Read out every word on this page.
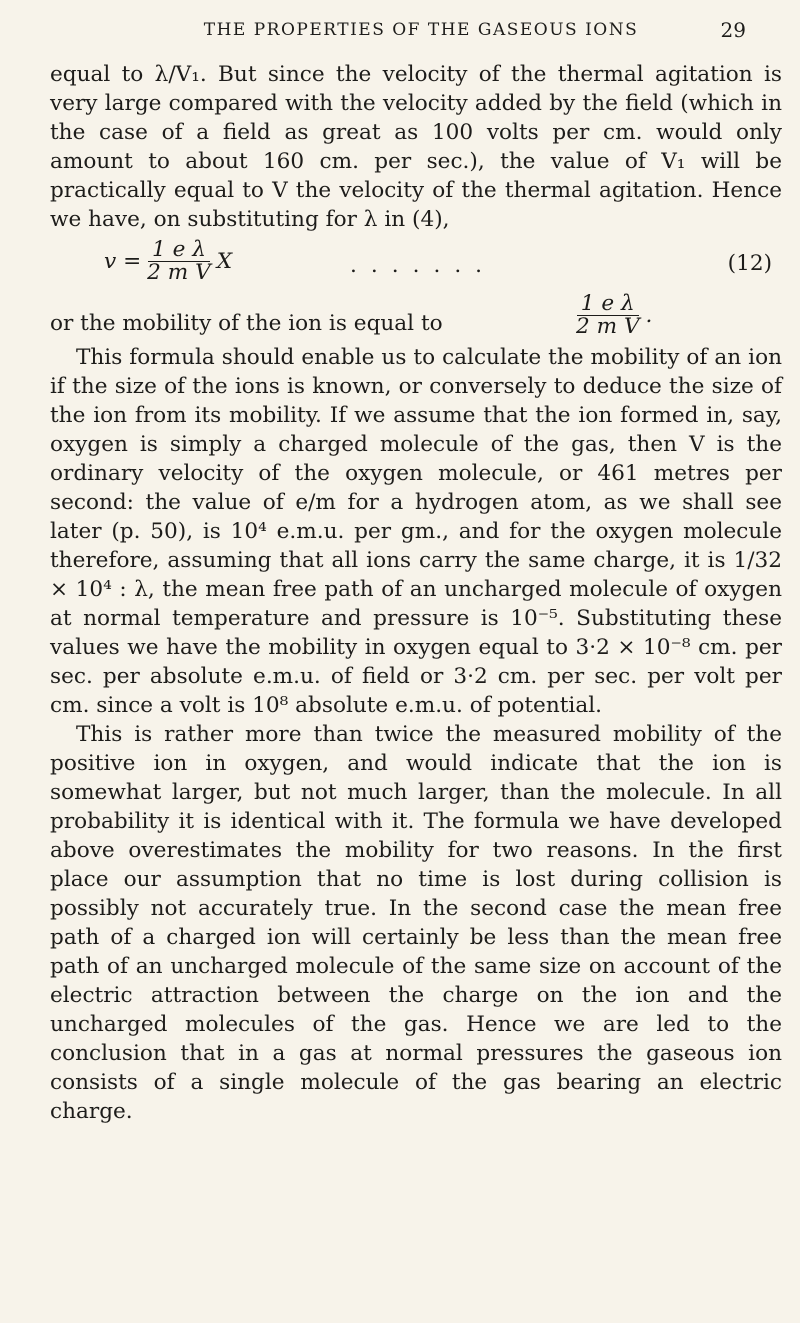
THE PROPERTIES OF THE GASEOUS IONS	29

equal to λ/V₁. But since the velocity of the thermal agitation is very large compared with the velocity added by the field (which in the case of a field as great as 100 volts per cm. would only amount to about 160 cm. per sec.), the value of V₁ will be practically equal to V the velocity of the thermal agitation. Hence we have, on substituting for λ in (4),

$v = \frac{\text{1 e λ}}{\text{2 m V}}$ X	.......	(12)
or the mobility of the ion is equal to	$\frac{\text{1 e λ}}{\text{2 m V}}$ .

This formula should enable us to calculate the mobility of an ion if the size of the ions is known, or conversely to deduce the size of the ion from its mobility. If we assume that the ion formed in, say, oxygen is simply a charged molecule of the gas, then V is the ordinary velocity of the oxygen molecule, or 461 metres per second: the value of e/m for a hydrogen atom, as we shall see later (p. 50), is 10⁴ e.m.u. per gm., and for the oxygen molecule therefore, assuming that all ions carry the same charge, it is 1/32 × 10⁴ : λ, the mean free path of an uncharged molecule of oxygen at normal temperature and pressure is 10⁻⁵. Substituting these values we have the mobility in oxygen equal to 3·2 × 10⁻⁸ cm. per sec. per absolute e.m.u. of field or 3·2 cm. per sec. per volt per cm. since a volt is 10⁸ absolute e.m.u. of potential.

This is rather more than twice the measured mobility of the positive ion in oxygen, and would indicate that the ion is somewhat larger, but not much larger, than the molecule. In all probability it is identical with it. The formula we have developed above overestimates the mobility for two reasons. In the first place our assumption that no time is lost during collision is possibly not accurately true. In the second case the mean free path of a charged ion will certainly be less than the mean free path of an uncharged molecule of the same size on account of the electric attraction between the charge on the ion and the uncharged molecules of the gas. Hence we are led to the conclusion that in a gas at normal pressures the gaseous ion consists of a single molecule of the gas bearing an electric charge.
